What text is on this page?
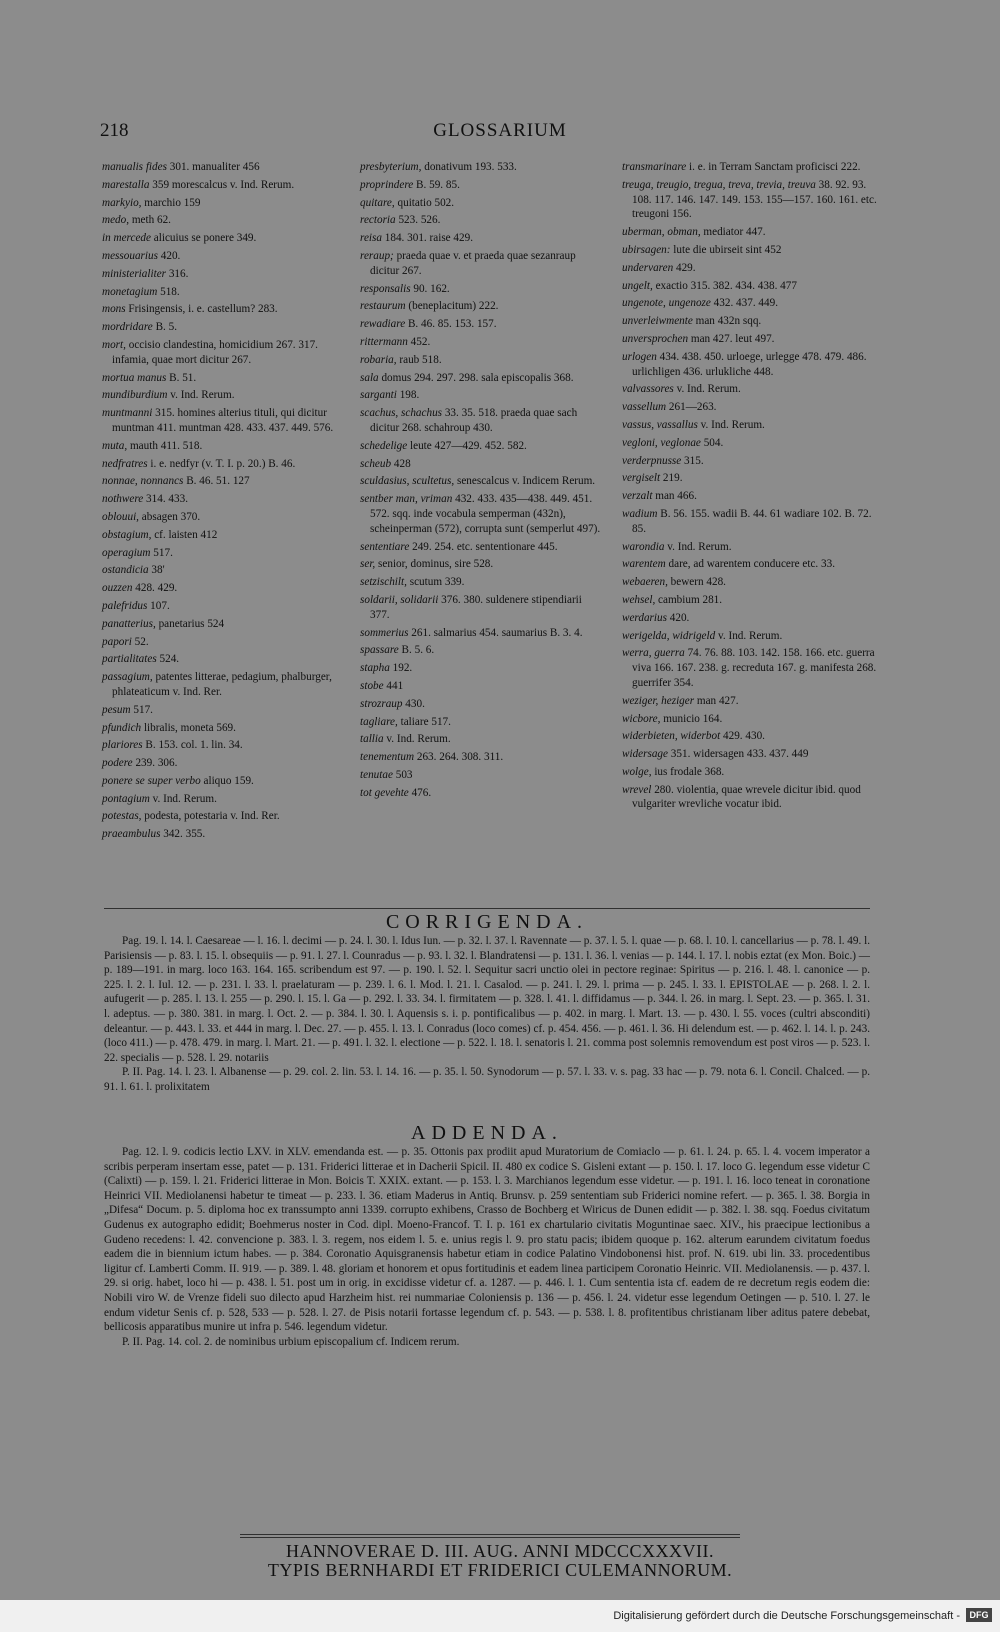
218	GLOSSARIUM
manualis fides 301. manualiter 456
marestalla 359 morescalcus v. Ind. Rerum.
markyio, marchio 159
medo, meth 62.
in mercede alicuius se ponere 349.
messouarius 420.
ministerialiter 316.
monetagium 518.
mons Frisingensis, i. e. castellum? 283.
mordridare B. 5.
mort, occisio clandestina, homicidium 267. 317. infamia, quae mort dicitur 267.
mortua manus B. 51.
mundiburdium v. Ind. Rerum.
muntmanni 315. homines alterius tituli, qui dicitur muntman 411. muntman 428. 433. 437. 449. 576.
muta, mauth 411. 518.
nedfratres i. e. nedfyr (v. T. I. p. 20.) B. 46.
nonnae, nonnancs B. 46. 51. 127
nothwere 314. 433.
oblouui, absagen 370.
obstagium, cf. laisten 412
operagium 517.
ostandicia 38'
ouzzen 428. 429.
palefridus 107.
panatterius, panetarius 524
papori 52.
partialitates 524.
passagium, patentes litterae, pedagium, phalburger, phlateaticum v. Ind. Rer.
pesum 517.
pfundich libralis, moneta 569.
plariores B. 153. col. 1. lin. 34.
podere 239. 306.
ponere se super verbo aliquo 159.
pontagium v. Ind. Rerum.
potestas, podesta, potestaria v. Ind. Rer.
praeambulus 342. 355.
presbyterium, donativum 193. 533.
proprindere B. 59. 85.
quitare, quitatio 502.
rectoria 523. 526.
reisa 184. 301. raise 429.
reraup; praeda quae v. et praeda quae sezanraup dicitur 267.
responsalis 90. 162.
restaurum (beneplacitum) 222.
rewadiare B. 46. 85. 153. 157.
rittermann 452.
robaria, raub 518.
sala domus 294. 297. 298. sala episcopalis 368.
sarganti 198.
scachus, schachus 33. 35. 518. praeda quae sach dicitur 268. schahroup 430.
schedelige leute 427—429. 452. 582.
scheub 428
sculdasius, scultetus, senescalcus v. Indicem Rerum.
sentber man, vriman 432. 433. 435—438. 449. 451. 572. sqq. inde vocabula semperman (432n), scheinperman (572), corrupta sunt (semperlut 497).
sententiare 249. 254. etc. sententionare 445.
ser, senior, dominus, sire 528.
setzischilt, scutum 339.
soldarii, solidarii 376. 380. suldenere stipendiarii 377.
sommerius 261. salmarius 454. saumarius B. 3. 4.
spassare B. 5. 6.
stapha 192.
stobe 441
strozraup 430.
tagliare, taliare 517.
tallia v. Ind. Rerum.
tenementum 263. 264. 308. 311.
tenutae 503
tot gevehte 476.
transmarinare i. e. in Terram Sanctam proficisci 222.
treuga, treugio, tregua, treva, trevia, treuva 38. 92. 93. 108. 117. 146. 147. 149. 153. 155—157. 160. 161. etc. treugoni 156.
uberman, obman, mediator 447.
ubirsagen: lute die ubirseit sint 452
undervaren 429.
ungelt, exactio 315. 382. 434. 438. 477
ungenote, ungenoze 432. 437. 449.
unverleiwmente man 432n sqq.
unversprochen man 427. leut 497.
urlogen 434. 438. 450. urloege, urlegge 478. 479. 486. urlichligen 436. urlukliche 448.
valvassores v. Ind. Rerum.
vassellum 261—263.
vassus, vassallus v. Ind. Rerum.
vegloni, veglonae 504.
verderpnusse 315.
vergiselt 219.
verzalt man 466.
wadium B. 56. 155. wadii B. 44. 61 wadiare 102. B. 72. 85.
warondia v. Ind. Rerum.
warentem dare, ad warentem conducere etc. 33.
webaeren, bewern 428.
wehsel, cambium 281.
werdarius 420.
werigelda, widrigeld v. Ind. Rerum.
werra, guerra 74. 76. 88. 103. 142. 158. 166. etc. guerra viva 166. 167. 238. g. recreduta 167. g. manifesta 268. guerrifer 354.
weziger, heziger man 427.
wicbore, municio 164.
widerbieten, widerbot 429. 430.
widersage 351. widersagen 433. 437. 449
wolge, ius frodale 368.
wrevel 280. violentia, quae wrevele dicitur ibid. quod vulgariter wrevliche vocatur ibid.
CORRIGENDA.

Pag. 19. l. 14. l. Caesareae — l. 16. l. decimi — p. 24. l. 30. l. Idus Iun. — p. 32. l. 37. l. Ravennate — p. 37. l. 5. l. quae — p. 68. l. 10. l. cancellarius — p. 78. l. 49. l. Parisiensis — p. 83. l. 15. l. obsequiis — p. 91. l. 27. l. Counradus — p. 93. l. 32. l. Blandratensi — p. 131. l. 36. l. venias — p. 144. l. 17. l. nobis eztat (ex Mon. Boic.) — p. 189—191. in marg. loco 163. 164. 165. scribendum est 97. — p. 190. l. 52. l. Sequitur sacri unctio olei in pectore reginae: Spiritus — p. 216. l. 48. l. canonice — p. 225. l. 2. l. Iul. 12. — p. 231. l. 33. l. praelaturam — p. 239. l. 6. l. Mod. l. 21. l. Casalod. — p. 241. l. 29. l. prima — p. 245. l. 33. l. EPISTOLAE — p. 268. l. 2. l. aufugerit — p. 285. l. 13. l. 255 — p. 290. l. 15. l. Ga — p. 292. l. 33. 34. l. firmitatem — p. 328. l. 41. l. diffidamus — p. 344. l. 26. in marg. l. Sept. 23. — p. 365. l. 31. l. adeptus. — p. 380. 381. in marg. l. Oct. 2. — p. 384. l. 30. l. Aquensis s. i. p. pontificalibus — p. 402. in marg. l. Mart. 13. — p. 430. l. 55. voces (cultri absconditi) deleantur. — p. 443. l. 33. et 444 in marg. l. Dec. 27. — p. 455. l. 13. l. Conradus (loco comes) cf. p. 454. 456. — p. 461. l. 36. Hi delendum est. — p. 462. l. 14. l. p. 243. (loco 411.) — p. 478. 479. in marg. l. Mart. 21. — p. 491. l. 32. l. electione — p. 522. l. 18. l. senatoris l. 21. comma post solemnis removendum est post viros — p. 523. l. 22. specialis — p. 528. l. 29. notariis

P. II. Pag. 14. l. 23. l. Albanense — p. 29. col. 2. lin. 53. l. 14. 16. — p. 35. l. 50. Synodorum — p. 57. l. 33. v. s. pag. 33 hac — p. 79. nota 6. l. Concil. Chalced. — p. 91. l. 61. l. prolixitatem

ADDENDA.

Pag. 12. l. 9. codicis lectio LXV. in XLV. emendanda est. — p. 35. Ottonis pax prodiit apud Muratorium de Comiaclo — p. 61. l. 24. p. 65. l. 4. vocem imperator a scribis perperam insertam esse, patet — p. 131. Friderici litterae et in Dacherii Spicil. II. 480 ex codice S. Gisleni extant — p. 150. l. 17. loco G. legendum esse videtur C (Calixti) — p. 159. l. 21. Friderici litterae in Mon. Boicis T. XXIX. extant. — p. 153. l. 3. Marchianos legendum esse videtur. — p. 191. l. 16. loco teneat in coronatione Heinrici VII. Mediolanensi habetur te timeat — p. 233. l. 36. etiam Maderus in Antiq. Brunsv. p. 259 sententiam sub Friderici nomine refert. — p. 365. l. 38. Borgia in „Difesa“ Docum. p. 5. diploma hoc ex transsumpto anni 1339. corrupto exhibens, Crasso de Bochberg et Wiricus de Dunen edidit — p. 382. l. 38. sqq. Foedus civitatum Gudenus ex autographo edidit; Boehmerus noster in Cod. dipl. Moeno-Francof. T. I. p. 161 ex chartulario civitatis Moguntinae saec. XIV., his praecipue lectionibus a Gudeno recedens: l. 42. convencione p. 383. l. 3. regem, nos eidem l. 5. e. unius regis l. 9. pro statu pacis; ibidem quoque p. 162. alterum earundem civitatum foedus eadem die in biennium ictum habes. — p. 384. Coronatio Aquisgranensis habetur etiam in codice Palatino Vindobonensi hist. prof. N. 619. ubi lin. 33. procedentibus ligitur cf. Lamberti Comm. II. 919. — p. 389. l. 48. gloriam et honorem et opus fortitudinis et eadem linea participem Coronatio Heinric. VII. Mediolanensis. — p. 437. l. 29. si orig. habet, loco hi — p. 438. l. 51. post um in orig. in excidisse videtur cf. a. 1287. — p. 446. l. 1. Cum sententia ista cf. eadem de re decretum regis eodem die: Nobili viro W. de Vrenze fideli suo dilecto apud Harzheim hist. rei nummariae Coloniensis p. 136 — p. 456. l. 24. videtur esse legendum Oetingen — p. 510. l. 27. le endum videtur Senis cf. p. 528, 533 — p. 528. l. 27. de Pisis notarii fortasse legendum cf. p. 543. — p. 538. l. 8. profitentibus christianam liber aditus patere debebat, bellicosis apparatibus munire ut infra p. 546. legendum videtur.

P. II. Pag. 14. col. 2. de nominibus urbium episcopalium cf. Indicem rerum.

HANNOVERAE D. III. AUG. ANNI MDCCCXXXVII.
TYPIS BERNHARDI ET FRIDERICI CULEMANNORUM.
Digitalisierung gefördert durch die Deutsche Forschungsgemeinschaft -	DFG
